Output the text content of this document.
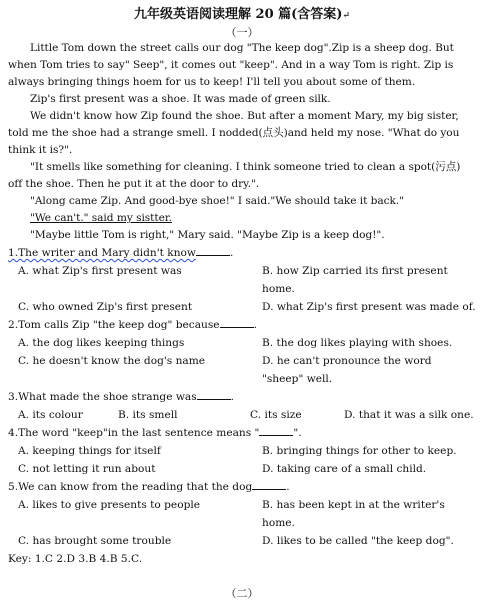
九年级英语阅读理解 20 篇(含答案)↵
（一）

Little Tom down the street calls our dog "The keep dog".Zip is a sheep dog. But when Tom tries to say" Seep", it comes out "keep". And in a way Tom is right. Zip is always bringing things hoem for us to keep! I'll tell you about some of them.

Zip's first present was a shoe. It was made of green silk.

We didn't know how Zip found the shoe. But after a moment Mary, my big sister, told me the shoe had a strange smell. I nodded(点头)and held my nose. "What do you think it is?".

"It smells like something for cleaning. I think someone tried to clean a spot(污点) off the shoe. Then he put it at the door to dry.".

"Along came Zip. And good-bye shoe!" I said."We should take it back."

"We can't." said my sistter.

"Maybe little Tom is right," Mary said. "Maybe Zip is a keep dog!".

1.The writer and Mary didn't know	.
A. what Zip's first present was	B. how Zip carried its first present home.
C. who owned Zip's first present	D. what Zip's first present was made of.
2.Tom calls Zip "the keep dog" because	.
A. the dog likes keeping things	B. the dog likes playing with shoes.
C. he doesn't know the dog's name	D. he can't pronounce the word "sheep" well.
3.What made the shoe strange was	.
A. its colour	B. its smell	C. its size	D. that it was a silk one.
4.The word "keep"in the last sentence means "	".
A. keeping things for itself	B. bringing things for other to keep.
C. not letting it run about	D. taking care of a small child.
5.We can know from the reading that the dog	.
A. likes to give presents to people	B. has been kept in at the writer's home.
C. has brought some trouble	D. likes to be called "the keep dog".
Key: 1.C 2.D 3.B 4.B 5.C.
（二）
